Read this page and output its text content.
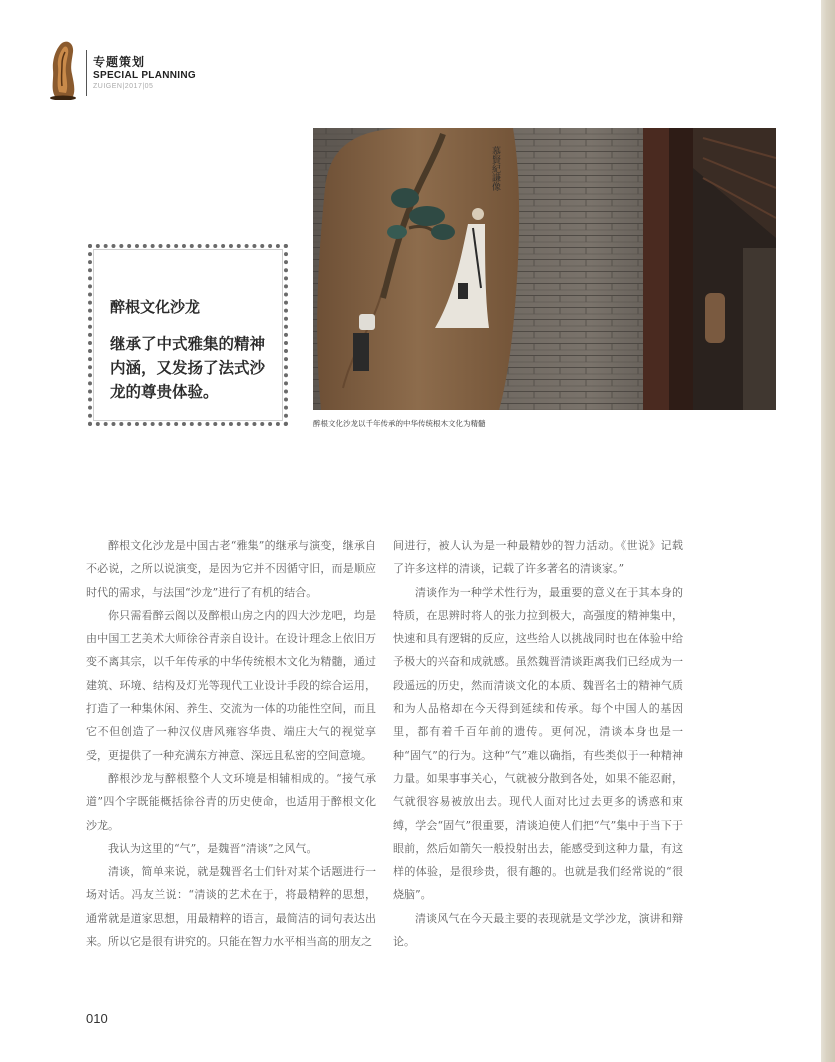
专题策划
SPECIAL PLANNING
ZUIGEN|2017|05
醉根文化沙龙
继承了中式雅集的精神内涵，又发扬了法式沙龙的尊贵体验。
慕賢紀謙像
醉根文化沙龙以千年传承的中华传统根木文化为精髓

醉根文化沙龙是中国古老“雅集”的继承与演变，继承自不必说，之所以说演变，是因为它并不因循守旧，而是顺应时代的需求，与法国“沙龙”进行了有机的结合。

你只需看醉云阁以及醉根山房之内的四大沙龙吧，均是由中国工艺美术大师徐谷青亲自设计。在设计理念上依旧万变不离其宗，以千年传承的中华传统根木文化为精髓，通过建筑、环境、结构及灯光等现代工业设计手段的综合运用，打造了一种集休闲、养生、交流为一体的功能性空间，而且它不但创造了一种汉仪唐风雍容华贵、端庄大气的视觉享受，更提供了一种充满东方神意、深远且私密的空间意境。

醉根沙龙与醉根整个人文环境是相辅相成的。“接气承道”四个字既能概括徐谷青的历史使命，也适用于醉根文化沙龙。

我认为这里的“气”，是魏晋“清谈”之风气。

清谈，简单来说，就是魏晋名士们针对某个话题进行一场对话。冯友兰说：“清谈的艺术在于，将最精粹的思想，通常就是道家思想，用最精粹的语言，最简洁的词句表达出来。所以它是很有讲究的。只能在智力水平相当高的朋友之

间进行，被人认为是一种最精妙的智力活动。《世说》记载了许多这样的清谈，记载了许多著名的清谈家。”

清谈作为一种学术性行为，最重要的意义在于其本身的特质，在思辨时将人的张力拉到极大，高强度的精神集中，快速和具有逻辑的反应，这些给人以挑战同时也在体验中给予极大的兴奋和成就感。虽然魏晋清谈距离我们已经成为一段遥远的历史，然而清谈文化的本质、魏晋名士的精神气质和为人品格却在今天得到延续和传承。每个中国人的基因里，都有着千百年前的遗传。更何况，清谈本身也是一种“固气”的行为。这种“气”难以确指，有些类似于一种精神力量。如果事事关心，气就被分散到各处，如果不能忍耐，气就很容易被放出去。现代人面对比过去更多的诱惑和束缚，学会“固气”很重要，清谈迫使人们把“气”集中于当下于眼前，然后如箭矢一般投射出去，能感受到这种力量，有这样的体验，是很珍贵，很有趣的。也就是我们经常说的“很烧脑”。

清谈风气在今天最主要的表现就是文学沙龙，演讲和辩论。

010
